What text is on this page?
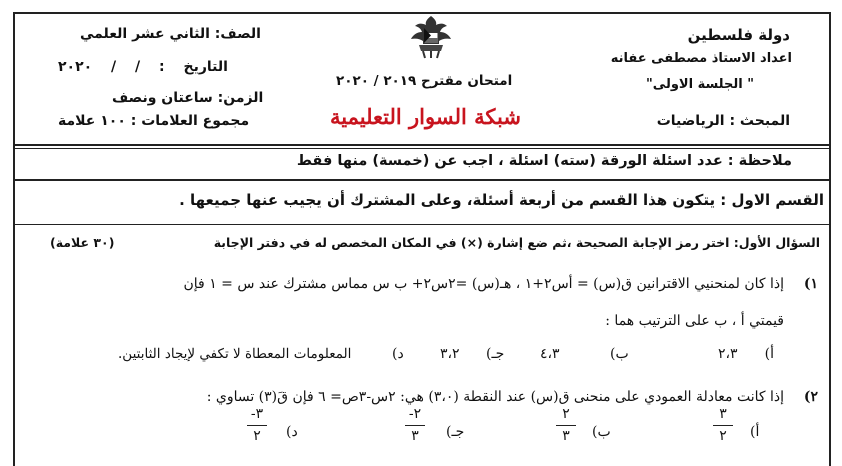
دولة فلسطين
اعداد الاستاذ مصطفى عفانه
" الجلسة الاولى"
المبحث : الرياضيات
امتحان مقترح ٢٠١٩ / ٢٠٢٠
شبكة السوار التعليمية
الصف: الثاني عشر العلمي
التاريخ : / / ٢٠٢٠
الزمن: ساعتان ونصف
مجموع العلامات : ١٠٠ علامة
ملاحظة : عدد اسئلة الورقة (سته) اسئلة ، اجب عن (خمسة) منها فقط
القسم الاول : يتكون هذا القسم من أربعة أسئلة، وعلى المشترك أن يجيب عنها جميعها .
السؤال الأول: اختر رمز الإجابة الصحيحة ،ثم ضع إشارة (×) في المكان المخصص له في دفتر الإجابة
(٣٠ علامة)
١)
إذا كان لمنحنيي الاقترانين ق(س) = أس٢+١ ، هـ(س) =٢س٢+ ب س مماس مشترك عند س = ١ فإن
قيمتي أ ، ب على الترتيب هما :
أ)
٢،٣
ب)
٤،٣
جـ)
٣،٢
د)
المعلومات المعطاة لا تكفي لإيجاد الثابتين.
٢)
إذا كانت معادلة العمودي على منحنى ق(س) عند النقطة (٣،٠) هي: ٢س-٣ص= ٦ فإن قَ(٣) تساوي :
أ)
٣
٢
ب)
٢
٣
جـ)
-٢
٣
د)
-٣
٢
